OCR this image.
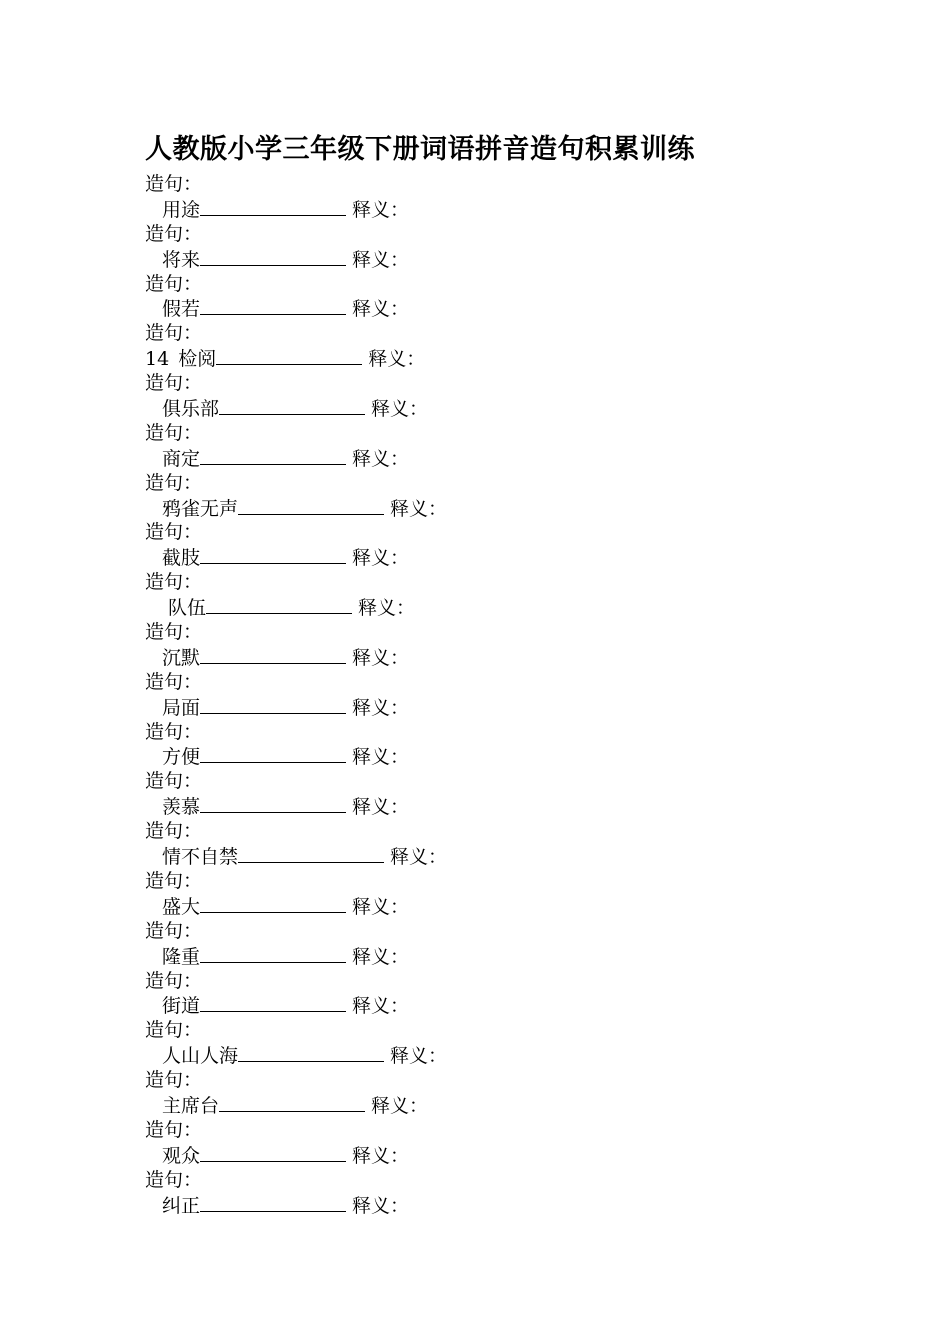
人教版小学三年级下册词语拼音造句积累训练
造句：
用途	释义：
造句：
将来	释义：
造句：
假若	释义：
造句：
14 检阅	释义：
造句：
俱乐部	释义：
造句：
商定	释义：
造句：
鸦雀无声	释义：
造句：
截肢	释义：
造句：
队伍	释义：
造句：
沉默	释义：
造句：
局面	释义：
造句：
方便	释义：
造句：
羡慕	释义：
造句：
情不自禁	释义：
造句：
盛大	释义：
造句：
隆重	释义：
造句：
街道	释义：
造句：
人山人海	释义：
造句：
主席台	释义：
造句：
观众	释义：
造句：
纠正	释义：
